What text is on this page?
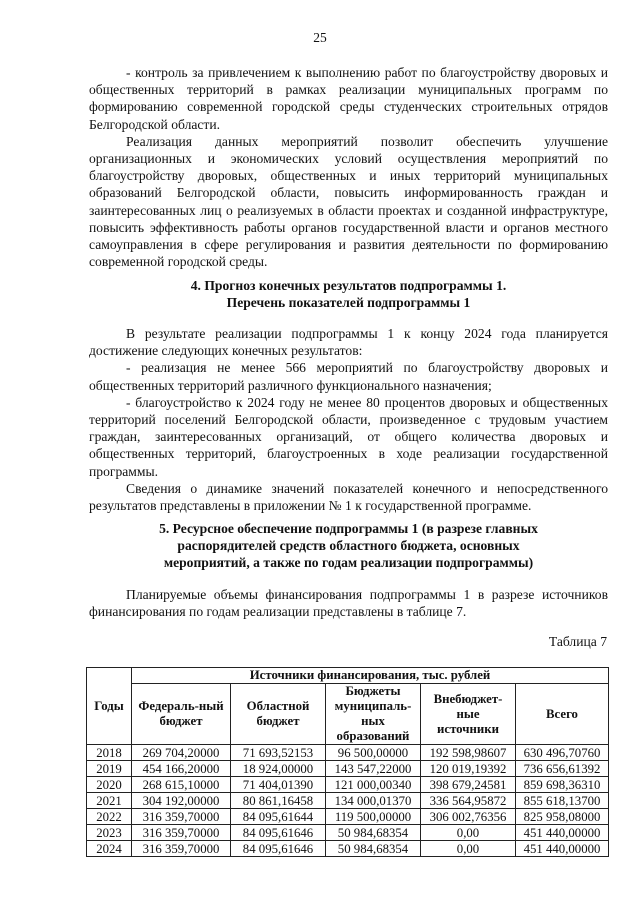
25

- контроль за привлечением к выполнению работ по благоустройству дворовых и общественных территорий в рамках реализации муниципальных программ по формированию современной городской среды студенческих строительных отрядов Белгородской области.

Реализация данных мероприятий позволит обеспечить улучшение организационных и экономических условий осуществления мероприятий по благоустройству дворовых, общественных и иных территорий муниципальных образований Белгородской области, повысить информированность граждан и заинтересованных лиц о реализуемых в области проектах и созданной инфраструктуре, повысить эффективность работы органов государственной власти и органов местного самоуправления в сфере регулирования и развития деятельности по формированию современной городской среды.

4. Прогноз конечных результатов подпрограммы 1.
Перечень показателей подпрограммы 1

В результате реализации подпрограммы 1 к концу 2024 года планируется достижение следующих конечных результатов:

- реализация не менее 566 мероприятий по благоустройству дворовых и общественных территорий различного функционального назначения;

- благоустройство к 2024 году не менее 80 процентов дворовых и общественных территорий поселений Белгородской области, произведенное с трудовым участием граждан, заинтересованных организаций, от общего количества дворовых и общественных территорий, благоустроенных в ходе реализации государственной программы.

Сведения о динамике значений показателей конечного и непосредственного результатов представлены в приложении № 1 к государственной программе.

5. Ресурсное обеспечение подпрограммы 1 (в разрезе главных
распорядителей средств областного бюджета, основных
мероприятий, а также по годам реализации подпрограммы)

Планируемые объемы финансирования подпрограммы 1 в разрезе источников финансирования по годам реализации представлены в таблице 7.

Таблица 7
Годы	Источники финансирования, тыс. рублей				
	Федераль-ный бюджет	Областной бюджет	Бюджеты муниципаль-ных образований	Внебюджет-ные источники	Всего
2018	269 704,20000	71 693,52153	96 500,00000	192 598,98607	630 496,70760
2019	454 166,20000	18 924,00000	143 547,22000	120 019,19392	736 656,61392
2020	268 615,10000	71 404,01390	121 000,00340	398 679,24581	859 698,36310
2021	304 192,00000	80 861,16458	134 000,01370	336 564,95872	855 618,13700
2022	316 359,70000	84 095,61644	119 500,00000	306 002,76356	825 958,08000
2023	316 359,70000	84 095,61646	50 984,68354	0,00	451 440,00000
2024	316 359,70000	84 095,61646	50 984,68354	0,00	451 440,00000
